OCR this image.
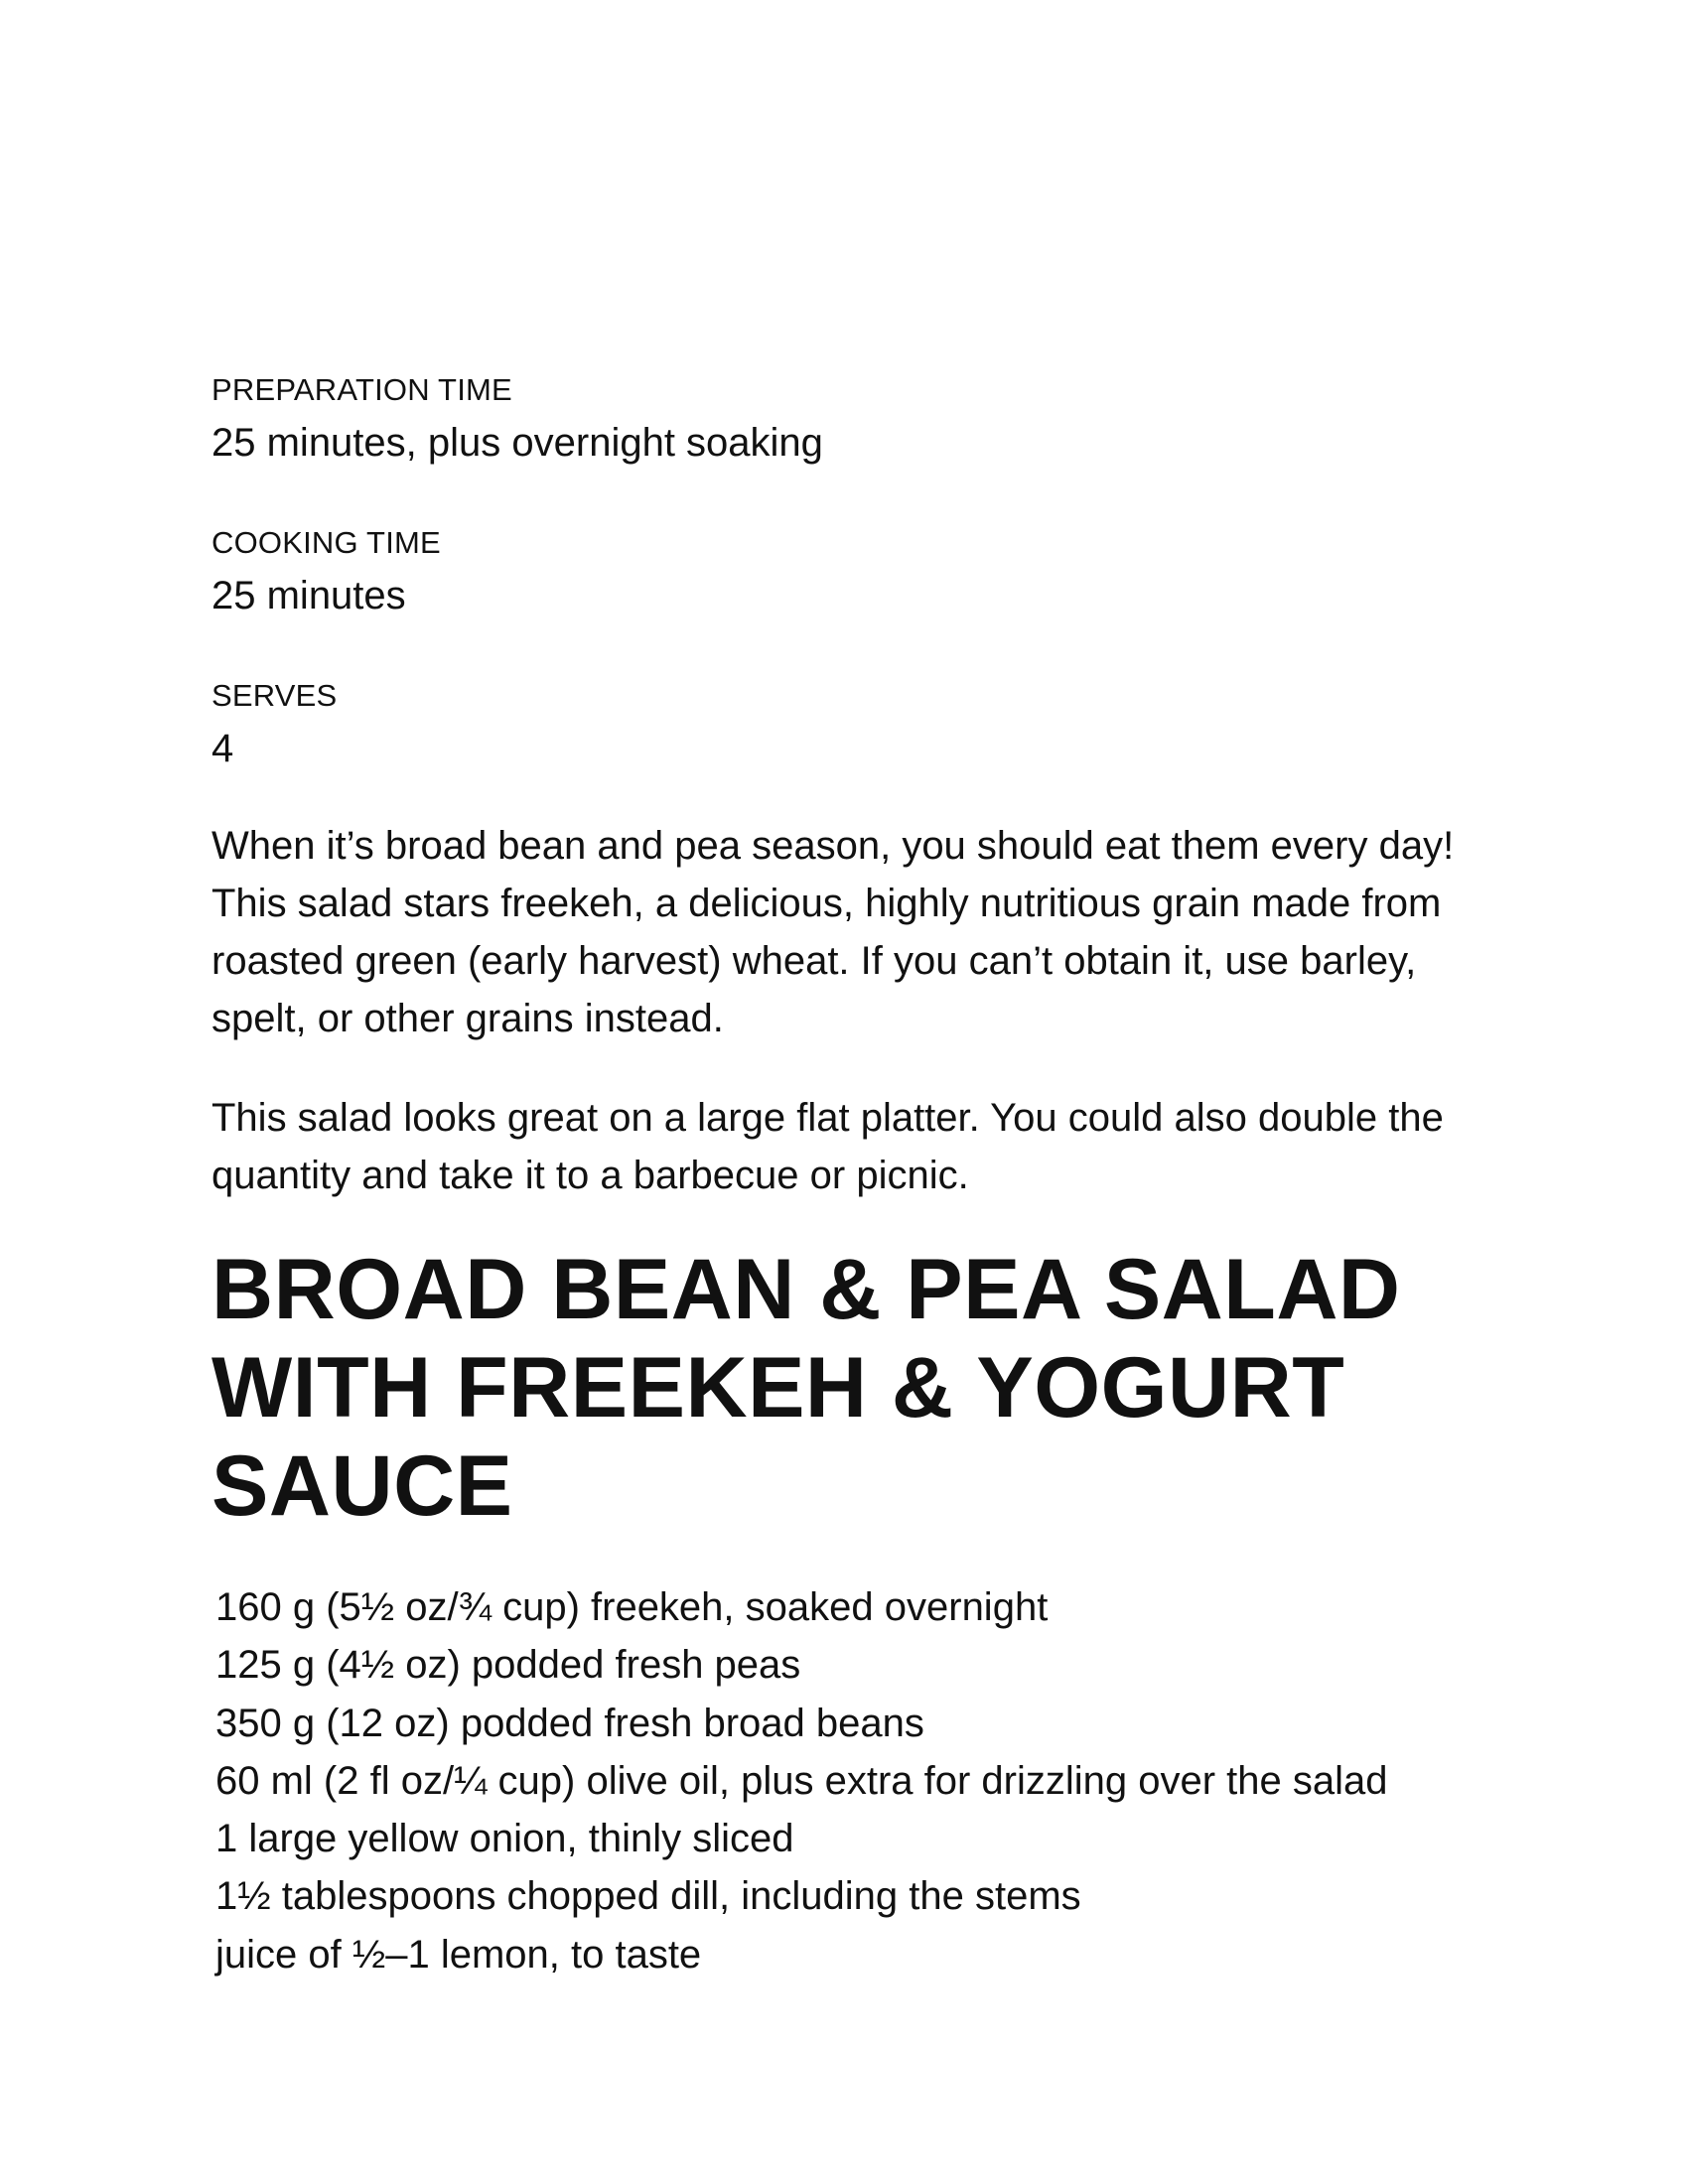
PREPARATION TIME
25 minutes, plus overnight soaking
COOKING TIME
25 minutes
SERVES
4

When it’s broad bean and pea season, you should eat them every day! This salad stars freekeh, a delicious, highly nutritious grain made from roasted green (early harvest) wheat. If you can’t obtain it, use barley, spelt, or other grains instead.

This salad looks great on a large flat platter. You could also double the quantity and take it to a barbecue or picnic.

BROAD BEAN & PEA SALAD
WITH FREEKEH & YOGURT
SAUCE
160 g (5½ oz/¾ cup) freekeh, soaked overnight
125 g (4½ oz) podded fresh peas
350 g (12 oz) podded fresh broad beans
60 ml (2 fl oz/¼ cup) olive oil, plus extra for drizzling over the salad
1 large yellow onion, thinly sliced
1½ tablespoons chopped dill, including the stems
juice of ½–1 lemon, to taste
